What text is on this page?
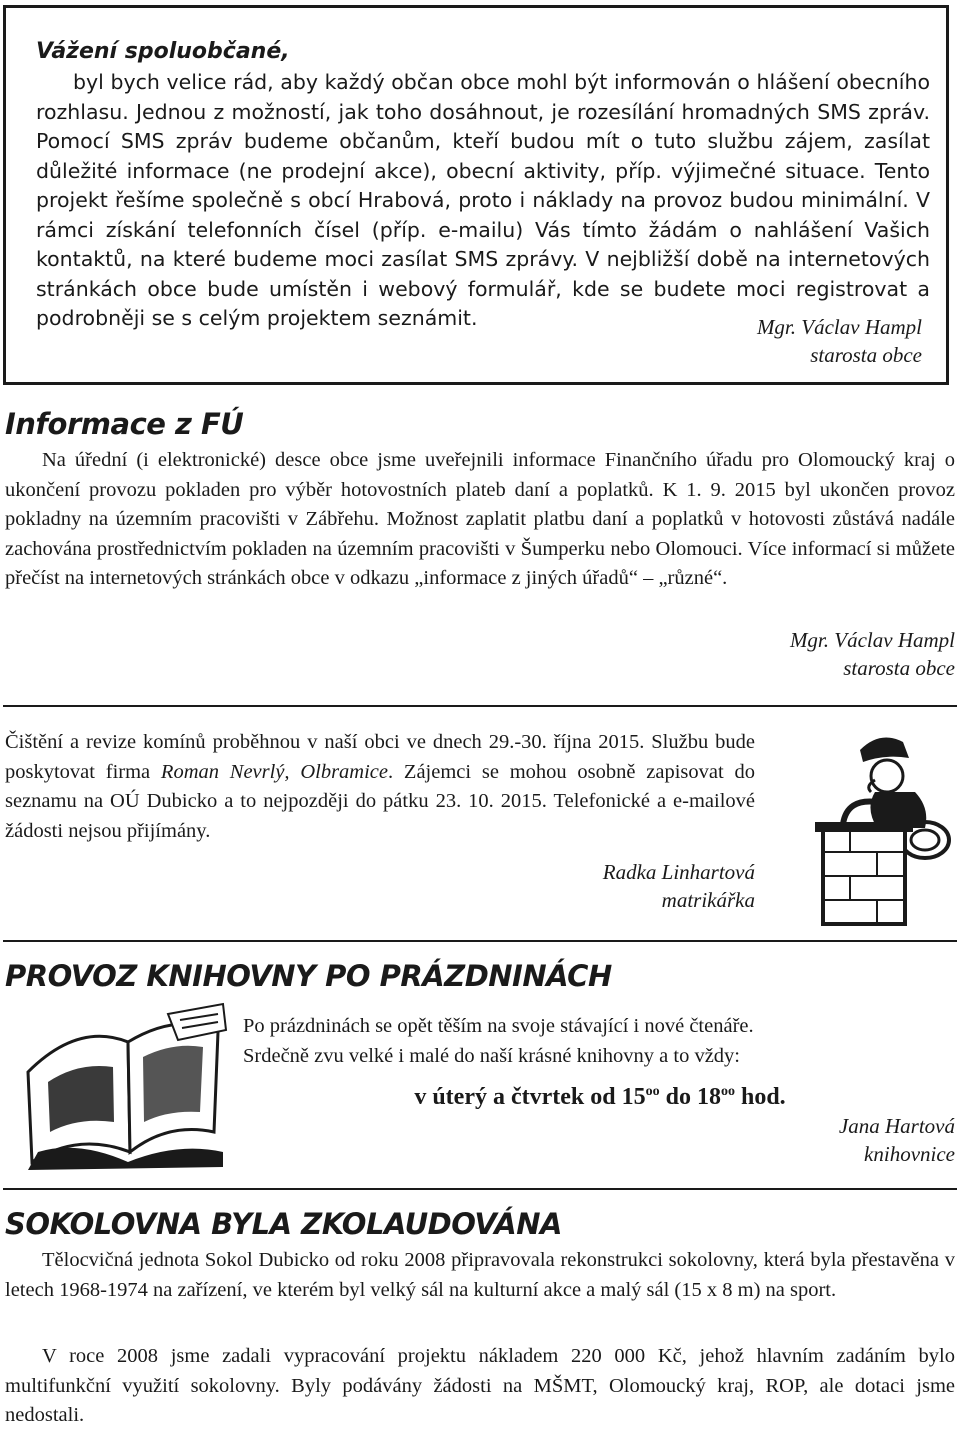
Vážení spoluobčané,

byl bych velice rád, aby každý občan obce mohl být informován o hlášení obecního rozhlasu. Jednou z možností, jak toho dosáhnout, je rozesílání hromadných SMS zpráv. Pomocí SMS zpráv budeme občanům, kteří budou mít o tuto službu zájem, zasílat důležité informace (ne prodejní akce), obecní aktivity, příp. výjimečné situace. Tento projekt řešíme společně s obcí Hrabová, proto i náklady na provoz budou minimální. V rámci získání telefonních čísel (příp. e-mailu) Vás tímto žádám o nahlášení Vašich kontaktů, na které budeme moci zasílat SMS zprávy. V nejbližší době na internetových stránkách obce bude umístěn i webový formulář, kde se budete moci registrovat a podrobněji se s celým projektem seznámit.	Mgr. Václav Hampl
starosta obce
Informace z FÚ

Na úřední (i elektronické) desce obce jsme uveřejnili informace Finančního úřadu pro Olomoucký kraj o ukončení provozu pokladen pro výběr hotovostních plateb daní a poplatků. K 1. 9. 2015 byl ukončen provoz pokladny na územním pracovišti v Zábřehu. Možnost zaplatit platbu daní a poplatků v hotovosti zůstává nadále zachována prostřednictvím pokladen na územním pracovišti v Šumperku nebo Olomouci. Více informací si můžete přečíst na internetových stránkách obce v odkazu „informace z jiných úřadů“ – „různé“.

Mgr. Václav Hampl
starosta obce

Čištění a revize komínů proběhnou v naší obci ve dnech 29.-30. října 2015. Službu bude poskytovat firma Roman Nevrlý, Olbramice. Zájemci se mohou osobně zapisovat do seznamu na OÚ Dubicko a to nejpozději do pátku 23. 10. 2015. Telefonické a e-mailové žádosti nejsou přijímány.

Radka Linhartová
matrikářka
PROVOZ KNIHOVNY PO PRÁZDNINÁCH

Po prázdninách se opět těším na svoje stávající i nové čtenáře.

Srdečně zvu velké i malé do naší krásné knihovny a to vždy:

v úterý a čtvrtek od $15^{oo}$ do $18^{oo}$ hod.
Jana Hartová
knihovnice
SOKOLOVNA BYLA ZKOLAUDOVÁNA

Tělocvičná jednota Sokol Dubicko od roku 2008 připravovala rekonstrukci sokolovny, která byla přestavěna v letech 1968-1974 na zařízení, ve kterém byl velký sál na kulturní akce a malý sál (15 x 8 m) na sport.

V roce 2008 jsme zadali vypracování projektu nákladem 220 000 Kč, jehož hlavním zadáním bylo multifunkční využití sokolovny. Byly podávány žádosti na MŠMT, Olomoucký kraj, ROP, ale dotaci jsme nedostali.
